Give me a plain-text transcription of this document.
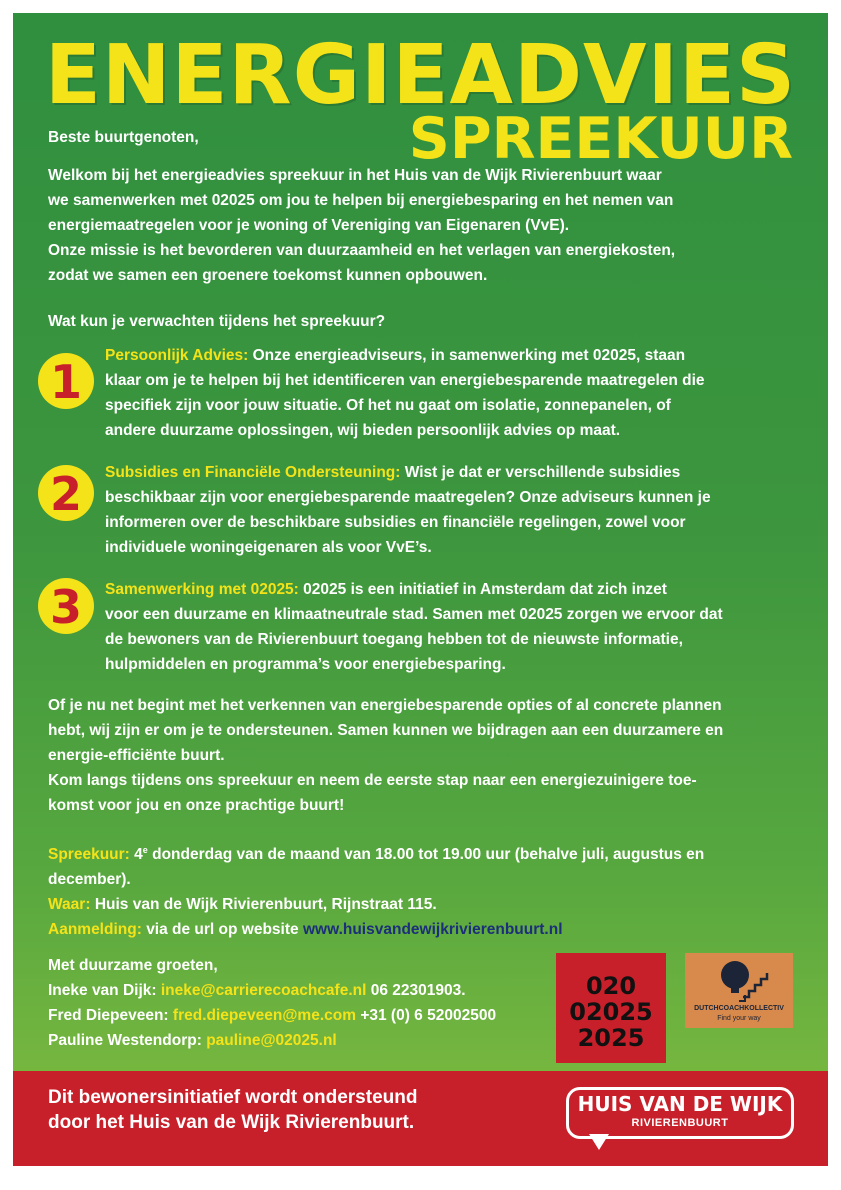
ENERGIEADVIES
SPREEKUUR
Beste buurtgenoten,
Welkom bij het energieadvies spreekuur in het Huis van de Wijk Rivierenbuurt waar
we samenwerken met 02025 om jou te helpen bij energiebesparing en het nemen van
energiemaatregelen voor je woning of Vereniging van Eigenaren (VvE).
Onze missie is het bevorderen van duurzaamheid en het verlagen van energiekosten,
zodat we samen een groenere toekomst kunnen opbouwen.
Wat kun je verwachten tijdens het spreekuur?
1	Persoonlijk Advies: Onze energieadviseurs, in samenwerking met 02025, staan
klaar om je te helpen bij het identificeren van energiebesparende maatregelen die
specifiek zijn voor jouw situatie. Of het nu gaat om isolatie, zonnepanelen, of
andere duurzame oplossingen, wij bieden persoonlijk advies op maat.
2	Subsidies en Financiële Ondersteuning: Wist je dat er verschillende subsidies
beschikbaar zijn voor energiebesparende maatregelen? Onze adviseurs kunnen je
informeren over de beschikbare subsidies en financiële regelingen, zowel voor
individuele woningeigenaren als voor VvE’s.
3	Samenwerking met 02025: 02025 is een initiatief in Amsterdam dat zich inzet
voor een duurzame en klimaatneutrale stad. Samen met 02025 zorgen we ervoor dat
de bewoners van de Rivierenbuurt toegang hebben tot de nieuwste informatie,
hulpmiddelen en programma’s voor energiebesparing.
Of je nu net begint met het verkennen van energiebesparende opties of al concrete plannen
hebt, wij zijn er om je te ondersteunen. Samen kunnen we bijdragen aan een duurzamere en
energie-efficiënte buurt.
Kom langs tijdens ons spreekuur en neem de eerste stap naar een energiezuinigere toe-
komst voor jou en onze prachtige buurt!
Spreekuur: 4e donderdag van de maand van 18.00 tot 19.00 uur (behalve juli, augustus en
december).
Waar: Huis van de Wijk Rivierenbuurt, Rijnstraat 115.
Aanmelding: via de url op website www.huisvandewijkrivierenbuurt.nl
Met duurzame groeten,
Ineke van Dijk: ineke@carrierecoachcafe.nl 06 22301903.
Fred Diepeveen: fred.diepeveen@me.com +31 (0) 6 52002500
Pauline Westendorp: pauline@02025.nl
020
02025
2025
DUTCHCOACHKOLLECTIV
Find your way
Dit bewonersinitiatief wordt ondersteund
door het Huis van de Wijk Rivierenbuurt.
HUIS VAN DE WIJK
RIVIERENBUURT
